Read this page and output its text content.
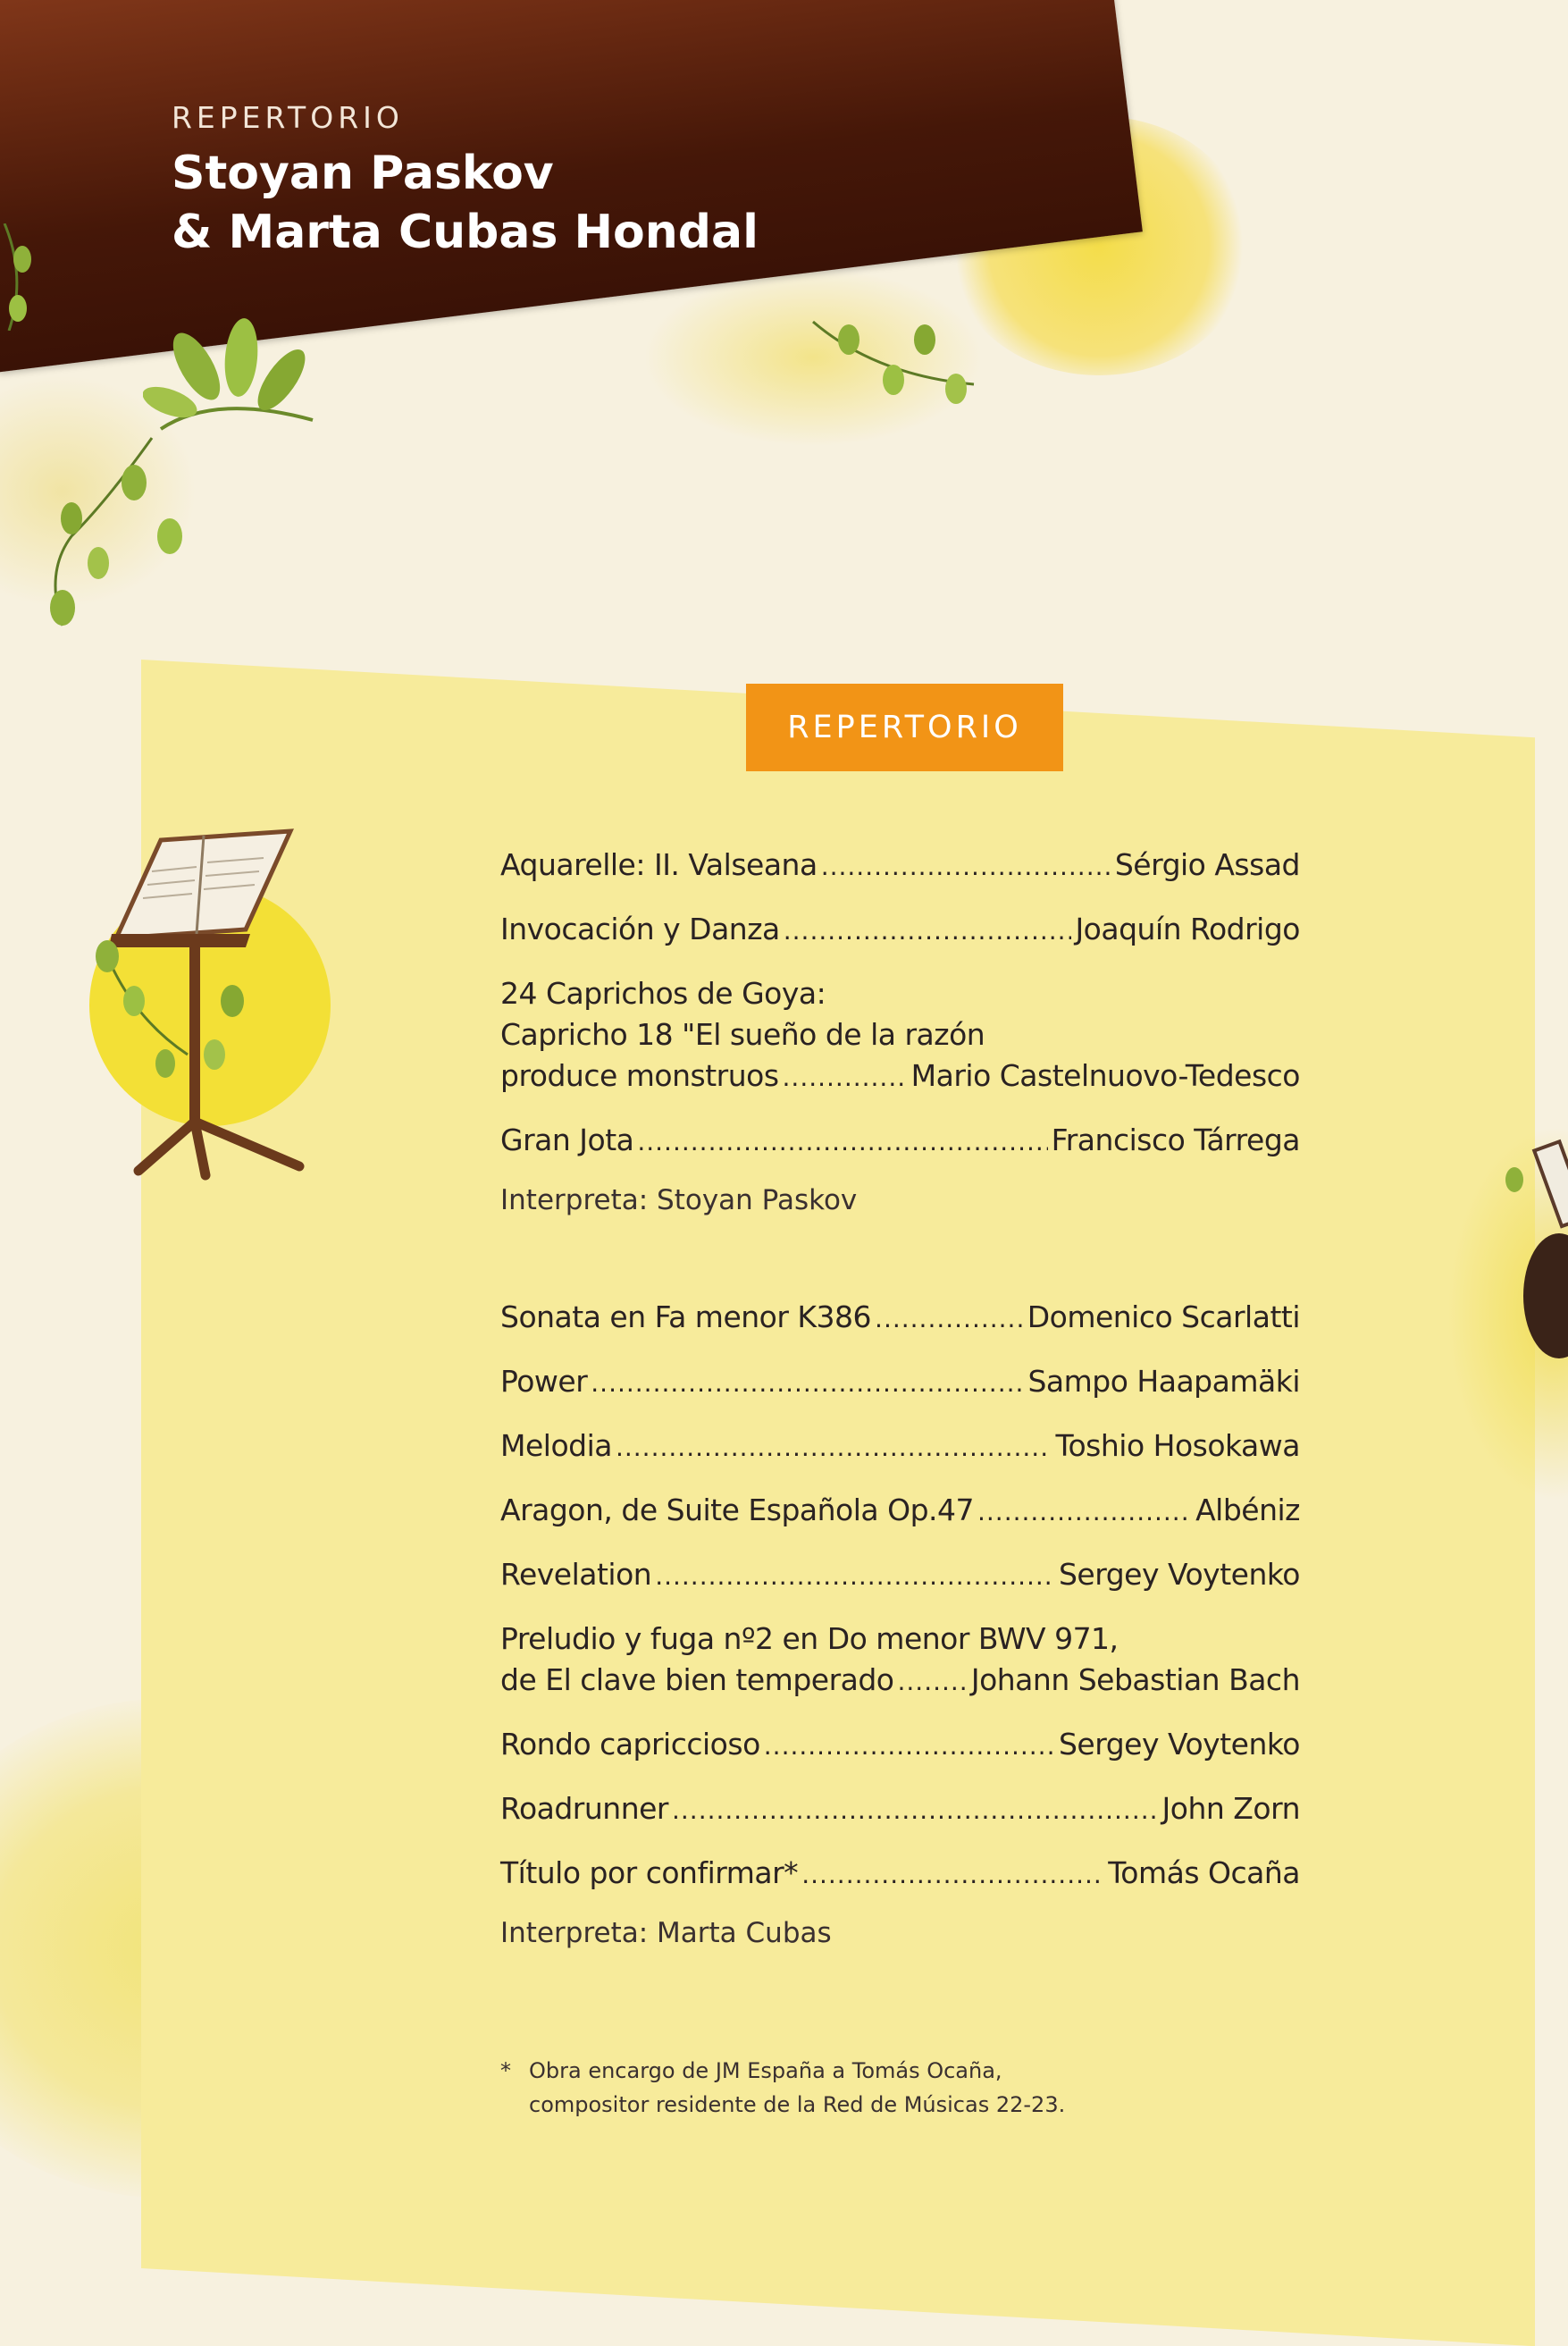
REPERTORIO
Stoyan Paskov
& Marta Cubas Hondal
REPERTORIO
Aquarelle: II. Valseana .....	Sérgio Assad
Invocación y Danza .....	Joaquín Rodrigo
24 Caprichos de Goya:
Capricho 18 "El sueño de la razón
produce monstruos .....	Mario Castelnuovo-Tedesco
Gran Jota .....	Francisco Tárrega
Interpreta: Stoyan Paskov
Sonata en Fa menor K386 .....	Domenico Scarlatti
Power .....	Sampo Haapamäki
Melodia .....	Toshio Hosokawa
Aragon, de Suite Española Op.47 .....	Albéniz
Revelation .....	Sergey Voytenko
Preludio y fuga nº2 en Do menor BWV 971,
de El clave bien temperado .....	Johann Sebastian Bach
Rondo capriccioso .....	Sergey Voytenko
Roadrunner .....	John Zorn
Título por confirmar* .....	Tomás Ocaña
Interpreta: Marta Cubas
* Obra encargo de JM España a Tomás Ocaña,
compositor residente de la Red de Músicas 22-23.
